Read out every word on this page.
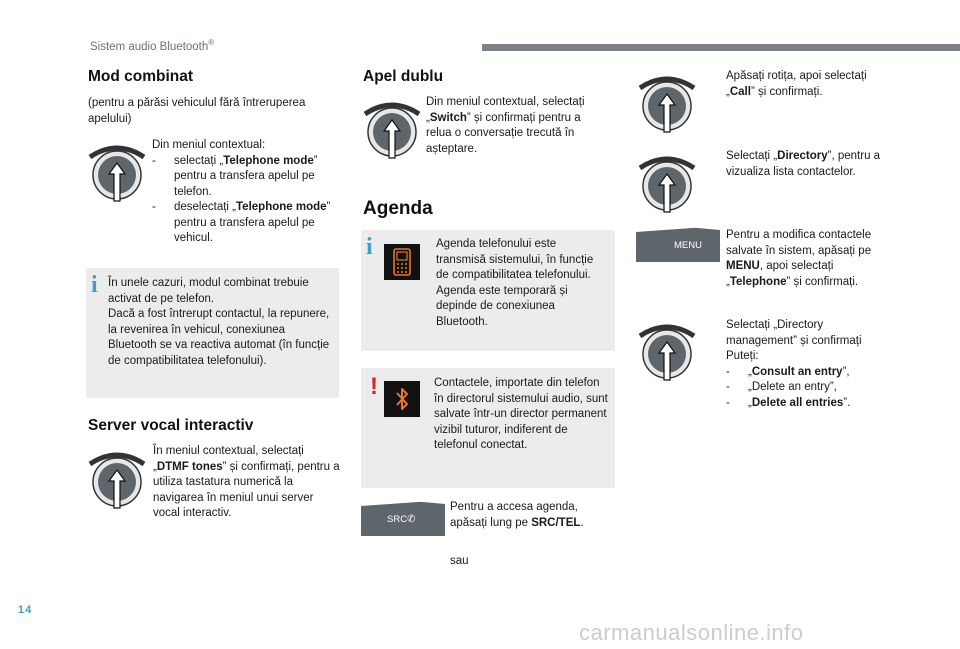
Sistem audio Bluetooth®
Mod combinat
(pentru a părăsi vehiculul fără întreruperea apelului)
Din meniul contextual:
- selectați „Telephone mode” pentru a transfera apelul pe telefon.
- deselectați „Telephone mode” pentru a transfera apelul pe vehicul.
i În unele cazuri, modul combinat trebuie activat de pe telefon.
Dacă a fost întrerupt contactul, la repunere, la revenirea în vehicul, conexiunea Bluetooth se va reactiva automat (în funcție de compatibilitatea telefonului).
Server vocal interactiv
În meniul contextual, selectați „DTMF tones” și confirmați, pentru a utiliza tastatura numerică la navigarea în meniul unui server vocal interactiv.
Apel dublu
Din meniul contextual, selectați „Switch” și confirmați pentru a relua o conversație trecută în așteptare.
Agenda
i	Agenda telefonului este transmisă sistemului, în funcție de compatibilitatea telefonului. Agenda este temporară și depinde de conexiunea Bluetooth.
!	Contactele, importate din telefon în directorul sistemului audio, sunt salvate într-un director permanent vizibil tuturor, indiferent de telefonul conectat.
SRC✆
Pentru a accesa agenda, apăsați lung pe SRC/TEL.
sau
Apăsați rotița, apoi selectați „Call” și confirmați.
Selectați „Directory”, pentru a vizualiza lista contactelor.
MENU
Pentru a modifica contactele salvate în sistem, apăsați pe MENU, apoi selectați „Telephone” și confirmați.
Selectați „Directory management” și confirmați
Puteți:
- „Consult an entry”,
- „Delete an entry”,
- „Delete all entries”.
14
carmanualsonline.info
